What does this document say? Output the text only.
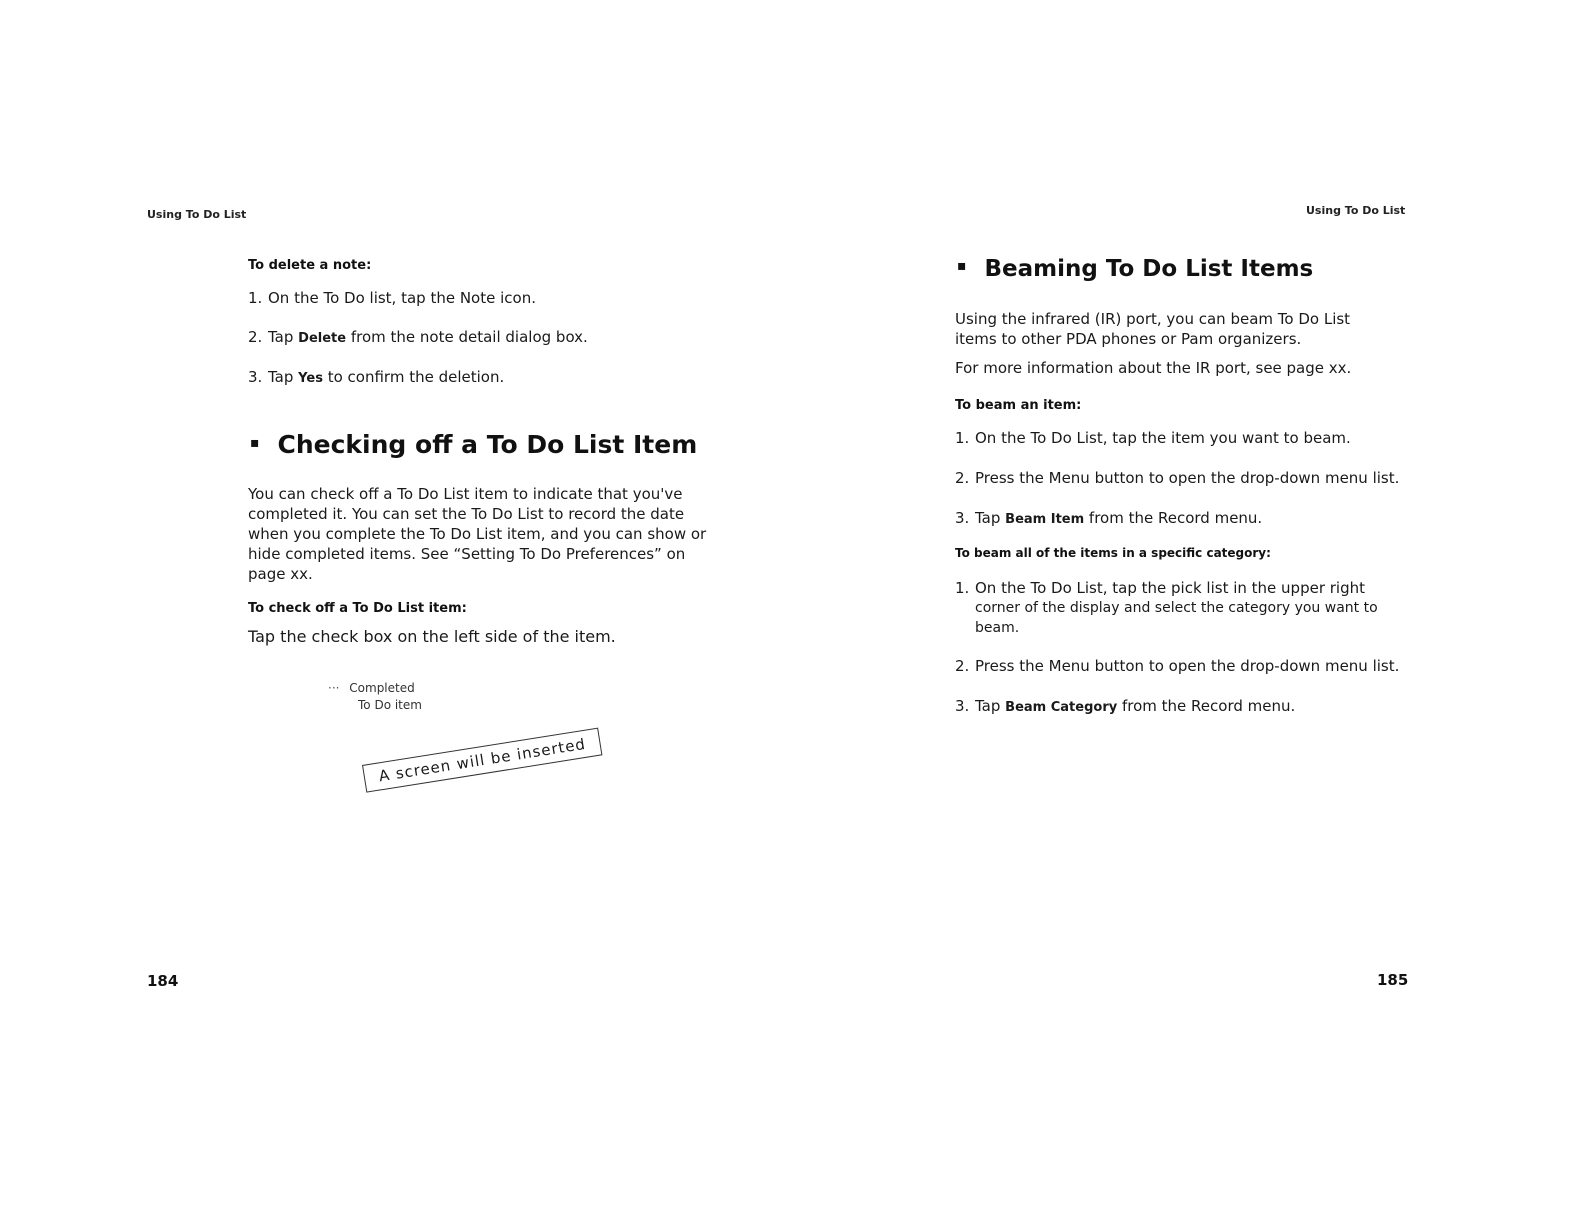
Using To Do List
To delete a note:
1. On the To Do list, tap the Note icon.
2. Tap Delete from the note detail dialog box.
3. Tap Yes to confirm the deletion.
▪ Checking off a To Do List Item
You can check off a To Do List item to indicate that you've completed it. You can set the To Do List to record the date when you complete the To Do List item, and you can show or hide completed items. See “Setting To Do Preferences” on page xx.
To check off a To Do List item:
Tap the check box on the left side of the item.
··· Completed
To Do item
A screen will be inserted
184
Using To Do List
▪ Beaming To Do List Items
Using the infrared (IR) port, you can beam To Do List items to other PDA phones or Pam organizers.
For more information about the IR port, see page xx.
To beam an item:
1. On the To Do List, tap the item you want to beam.
2. Press the Menu button to open the drop-down menu list.
3. Tap Beam Item from the Record menu.
To beam all of the items in a specific category:
1. On the To Do List, tap the pick list in the upper right
corner of the display and select the category you want to beam.
2. Press the Menu button to open the drop-down menu list.
3. Tap Beam Category from the Record menu.
185
